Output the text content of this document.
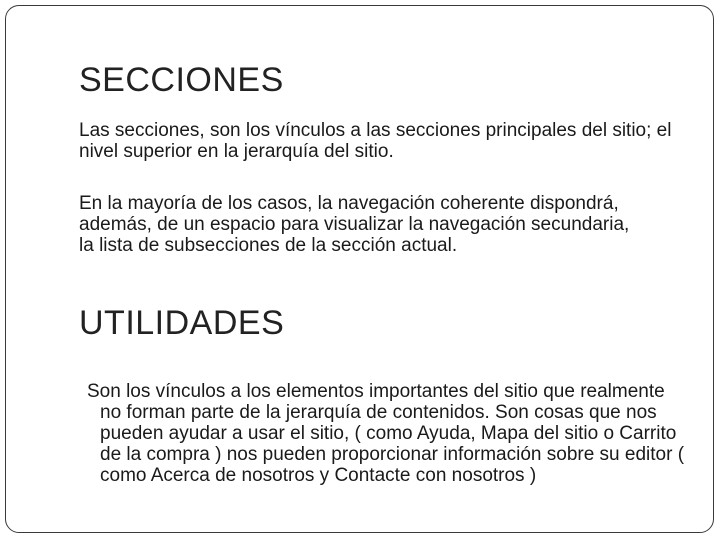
SECCIONES

Las secciones, son los vínculos a las secciones principales del sitio; el nivel superior en la jerarquía del sitio.

En la mayoría de los casos, la navegación coherente dispondrá, además, de un espacio para visualizar la navegación secundaria, la lista de subsecciones de la sección actual.

UTILIDADES

Son los vínculos a los elementos importantes del sitio que realmente no forman parte de la jerarquía de contenidos. Son cosas que nos pueden ayudar a usar el sitio, ( como Ayuda, Mapa del sitio o Carrito de la compra ) nos pueden proporcionar información sobre su editor ( como Acerca de nosotros y Contacte con nosotros )
